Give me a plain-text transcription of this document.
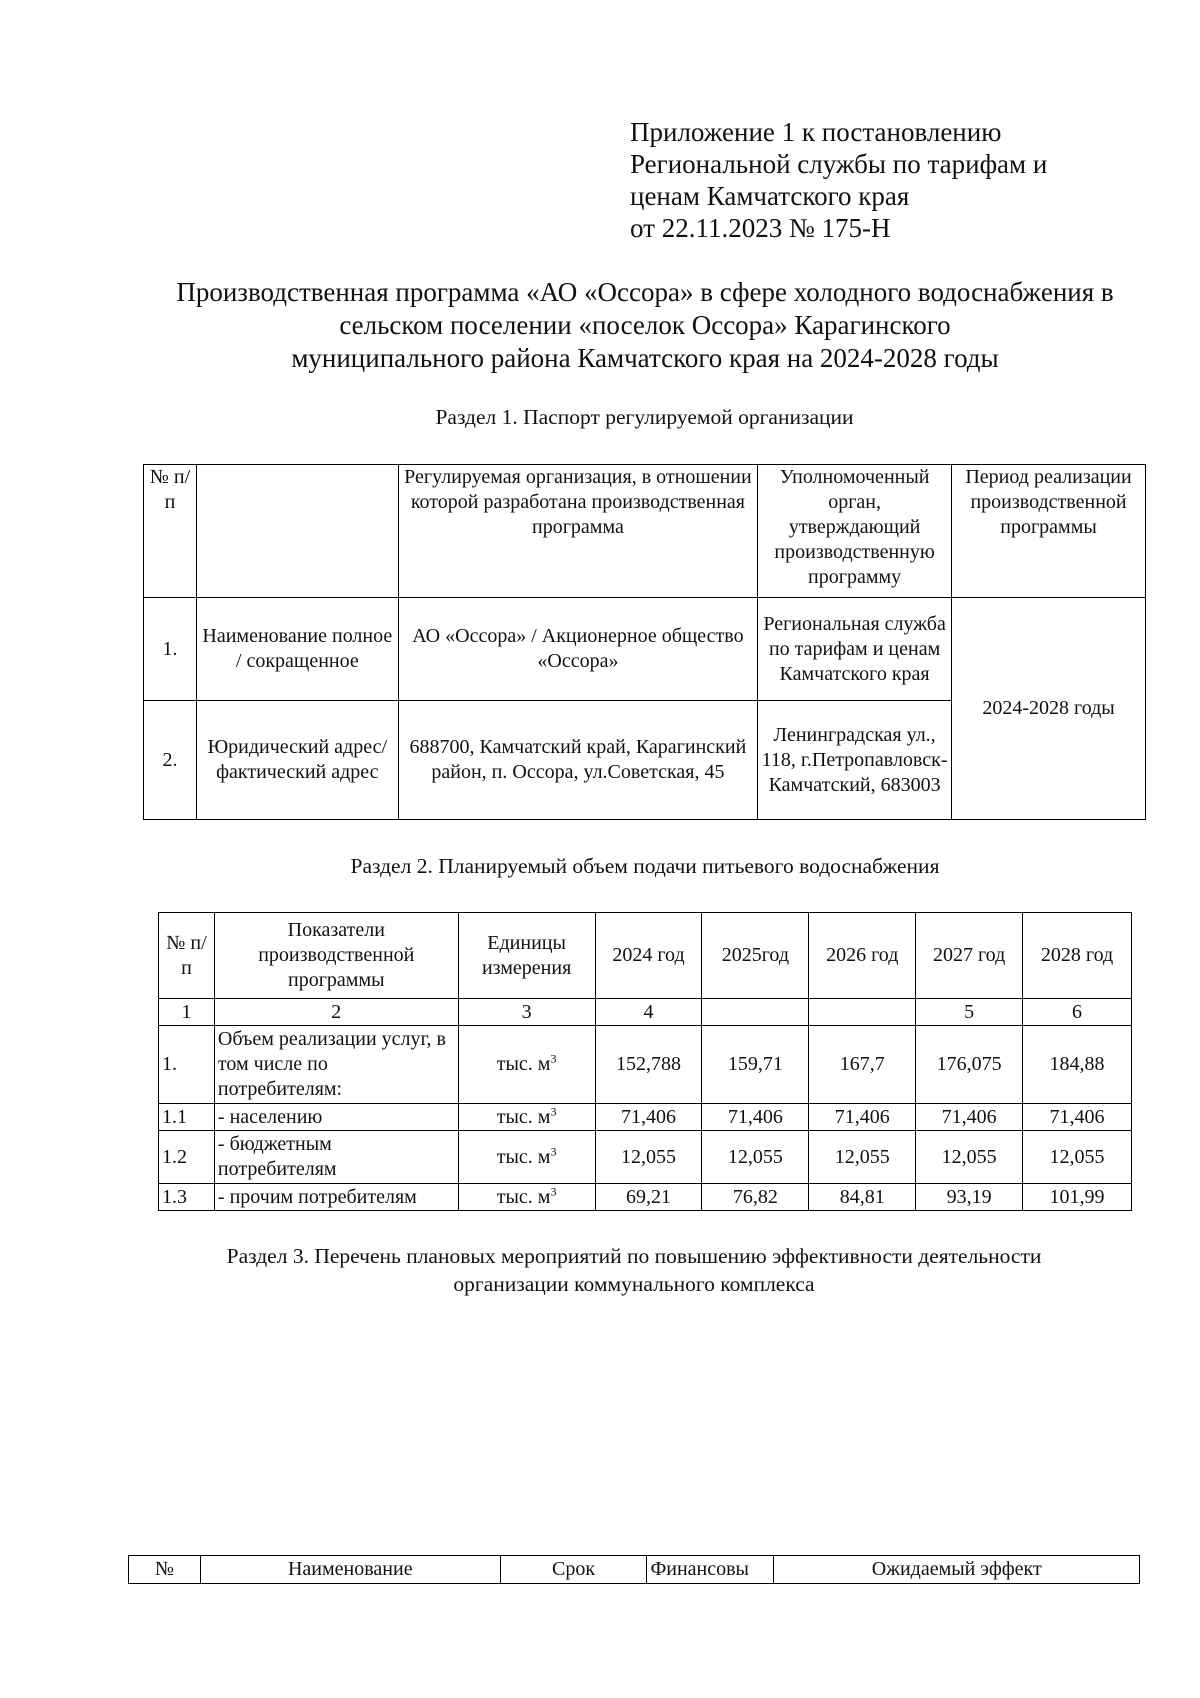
Приложение 1 к постановлению
Региональной службы по тарифам и
ценам Камчатского края
от 22.11.2023 № 175-Н
Производственная программа «АО «Оссора» в сфере холодного водоснабжения в
сельском поселении «поселок Оссора» Карагинского
муниципального района Камчатского края на 2024-2028 годы
Раздел 1. Паспорт регулируемой организации
№ п/п		Регулируемая организация, в отношении которой разработана производственная программа	Уполномоченный орган, утверждающий производственную программу	Период реализации производственной программы
1.	Наименование полное / сокращенное	АО «Оссора» / Акционерное общество «Оссора»	Региональная служба по тарифам и ценам Камчатского края	2024-2028 годы
2.	Юридический адрес/фактический адрес	688700, Камчатский край, Карагинский район, п. Оссора, ул.Советская, 45	Ленинградская ул., 118, г.Петропавловск-Камчатский, 683003	
Раздел 2. Планируемый объем подачи питьевого водоснабжения
№ п/п	Показатели производственной программы	Единицы измерения	2024 год	2025год	2026 год	2027 год	2028 год
1	2	3	4			5	6
1.	Объем реализации услуг, в том числе по потребителям:	тыс. $м^3$	152,788	159,71	167,7	176,075	184,88
1.1	- населению	тыс. $м^3$	71,406	71,406	71,406	71,406	71,406
1.2	- бюджетным потребителям	тыс. $м^3$	12,055	12,055	12,055	12,055	12,055
1.3	- прочим потребителям	тыс. $м^3$	69,21	76,82	84,81	93,19	101,99
Раздел 3. Перечень плановых мероприятий по повышению эффективности деятельности
организации коммунального комплекса
№	Наименование	Срок	Финансовы	Ожидаемый эффект
